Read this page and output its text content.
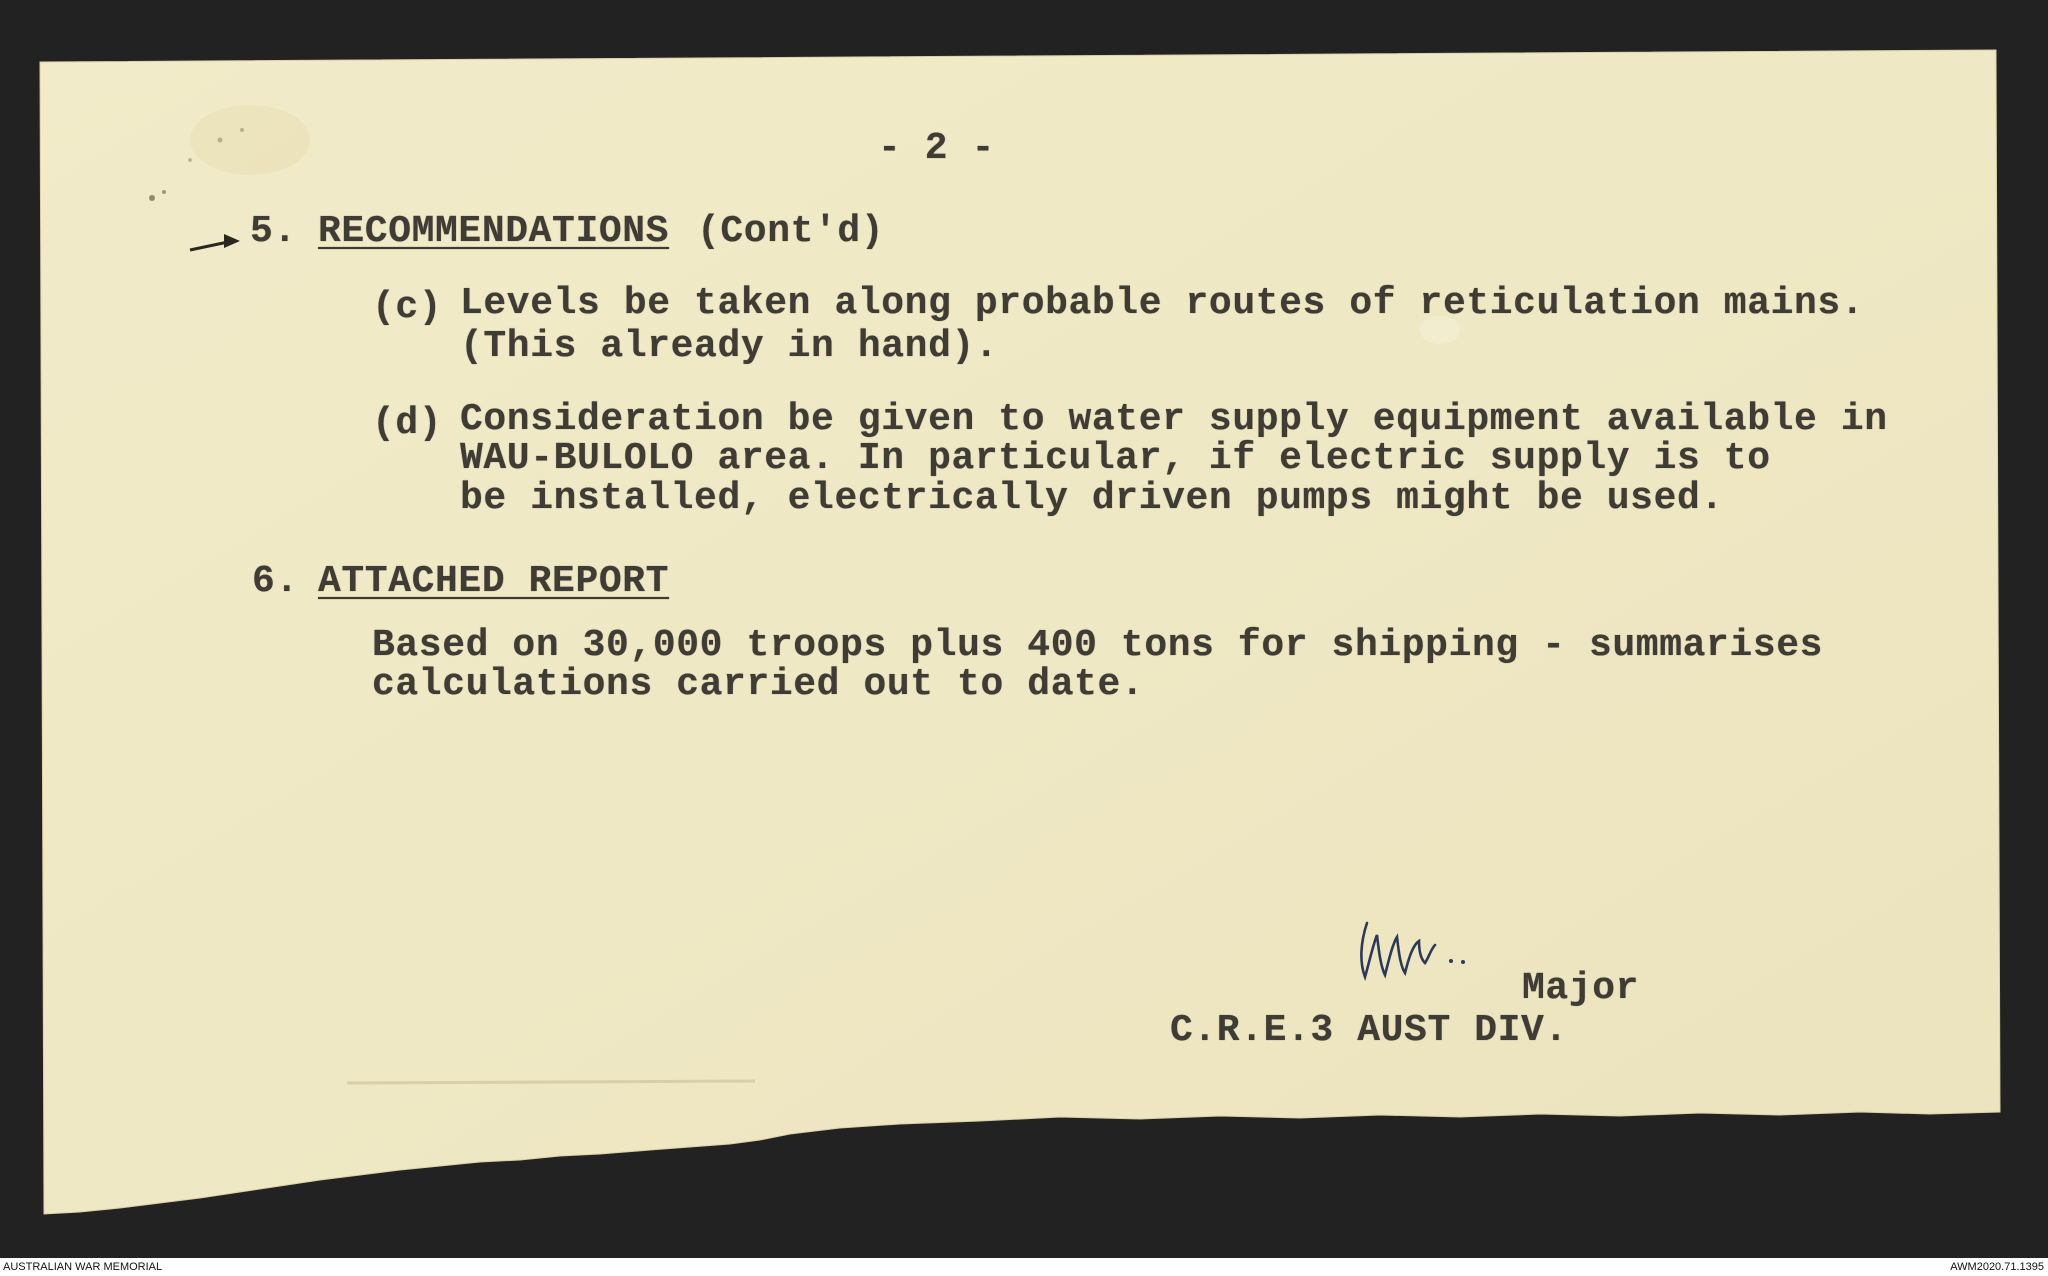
- 2 -
5. RECOMMENDATIONS (Cont'd)
(c) Levels be taken along probable routes of reticulation mains.
(This already in hand).
(d) Consideration be given to water supply equipment available in
WAU-BULOLO area. In particular, if electric supply is to
be installed, electrically driven pumps might be used.
6. ATTACHED REPORT
Based on 30,000 troops plus 400 tons for shipping - summarises
calculations carried out to date.
Major
C.R.E.3 AUST DIV.
AUSTRALIAN WAR MEMORIAL	AWM2020.71.1395
